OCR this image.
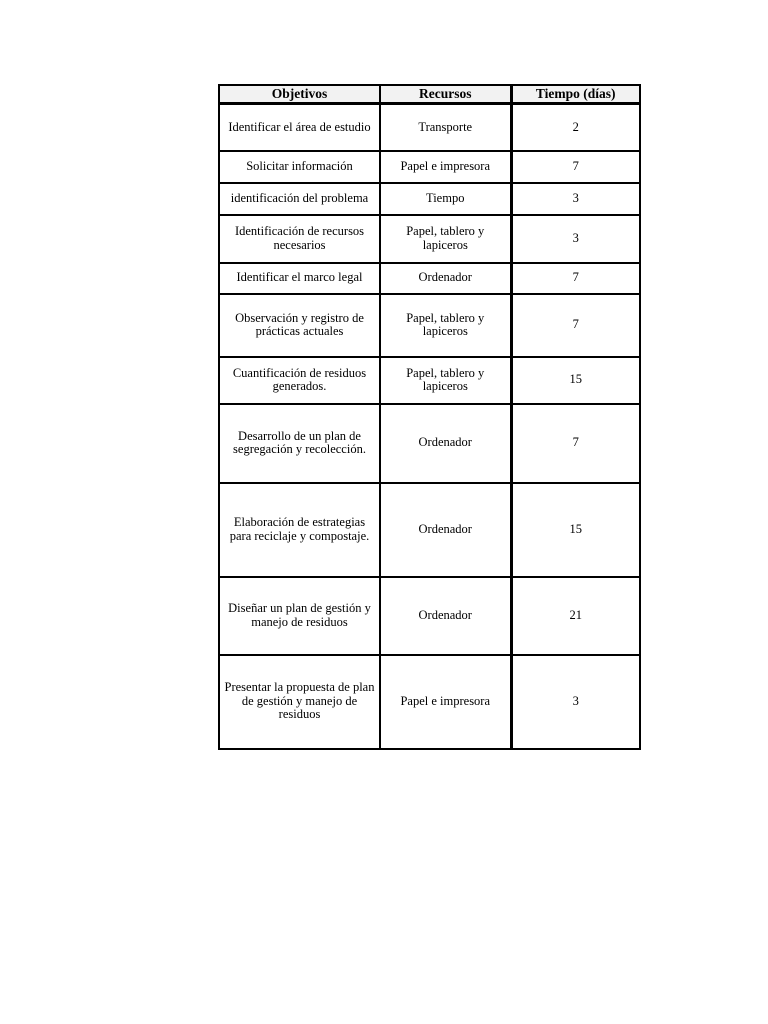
Objetivos	Recursos	Tiempo (días)
Identificar el área de estudio	Transporte	2
Solicitar información	Papel e impresora	7
identificación del problema	Tiempo	3
Identificación de recursos necesarios	Papel, tablero y lapiceros	3
Identificar el marco legal	Ordenador	7
Observación y registro de prácticas actuales	Papel, tablero y lapiceros	7
Cuantificación de residuos generados.	Papel, tablero y lapiceros	15
Desarrollo de un plan de segregación y recolección.	Ordenador	7
Elaboración de estrategias para reciclaje y compostaje.	Ordenador	15
Diseñar un plan de gestión y manejo de residuos	Ordenador	21
Presentar la propuesta de plan de gestión y manejo de residuos	Papel e impresora	3
